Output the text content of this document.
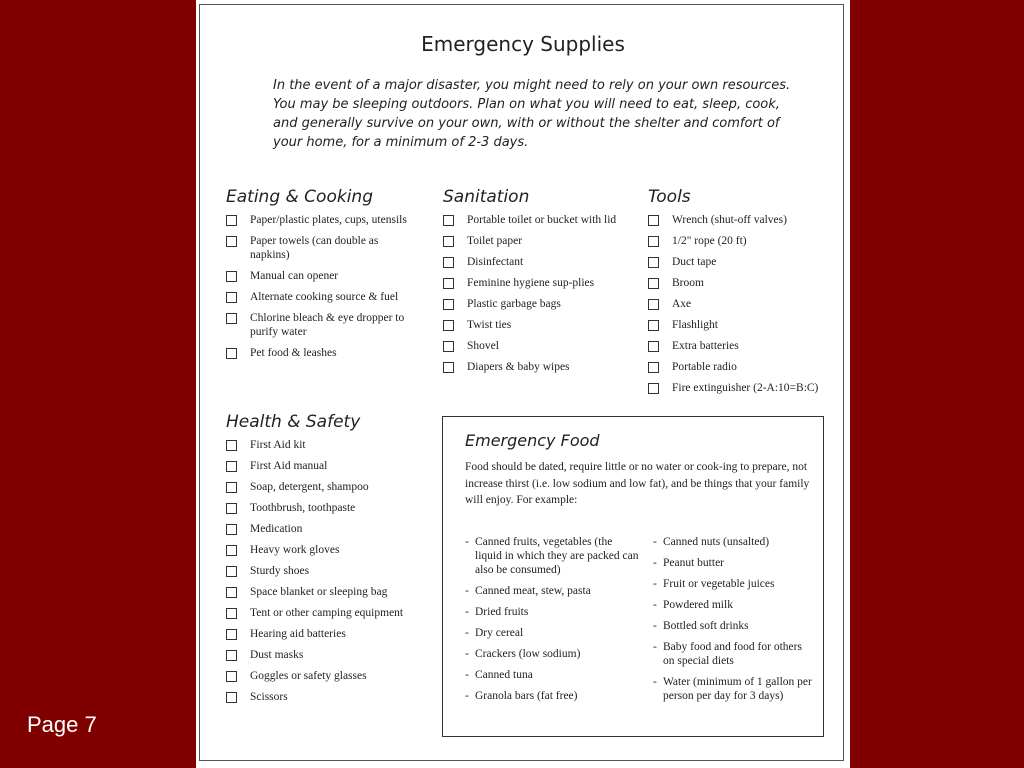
Emergency Supplies

In the event of a major disaster, you might need to rely on your own resources. You may be sleeping outdoors. Plan on what you will need to eat, sleep, cook, and generally survive on your own, with or without the shelter and comfort of your home, for a minimum of 2-3 days.

Eating & Cooking
Paper/plastic plates, cups, utensils
Paper towels (can double as napkins)
Manual can opener
Alternate cooking source & fuel
Chlorine bleach & eye dropper to purify water
Pet food & leashes
Health & Safety
First Aid kit
First Aid manual
Soap, detergent, shampoo
Toothbrush, toothpaste
Medication
Heavy work gloves
Sturdy shoes
Space blanket or sleeping bag
Tent or other camping equipment
Hearing aid batteries
Dust masks
Goggles or safety glasses
Scissors
Sanitation
Portable toilet or bucket with lid
Toilet paper
Disinfectant
Feminine hygiene sup-plies
Plastic garbage bags
Twist ties
Shovel
Diapers & baby wipes
Tools
Wrench (shut-off valves)
1/2" rope (20 ft)
Duct tape
Broom
Axe
Flashlight
Extra batteries
Portable radio
Fire extinguisher (2-A:10=B:C)
Emergency Food

Food should be dated, require little or no water or cook-ing to prepare, not increase thirst (i.e. low sodium and low fat), and be things that your family will enjoy. For example:

- Canned fruits, vegetables (the liquid in which they are packed can also be consumed)
- Canned meat, stew, pasta
- Dried fruits
- Dry cereal
- Crackers (low sodium)
- Canned tuna
- Granola bars (fat free)
- Canned nuts (unsalted)
- Peanut butter
- Fruit or vegetable juices
- Powdered milk
- Bottled soft drinks
- Baby food and food for others on special diets
- Water (minimum of 1 gallon per person per day for 3 days)
Page 7
